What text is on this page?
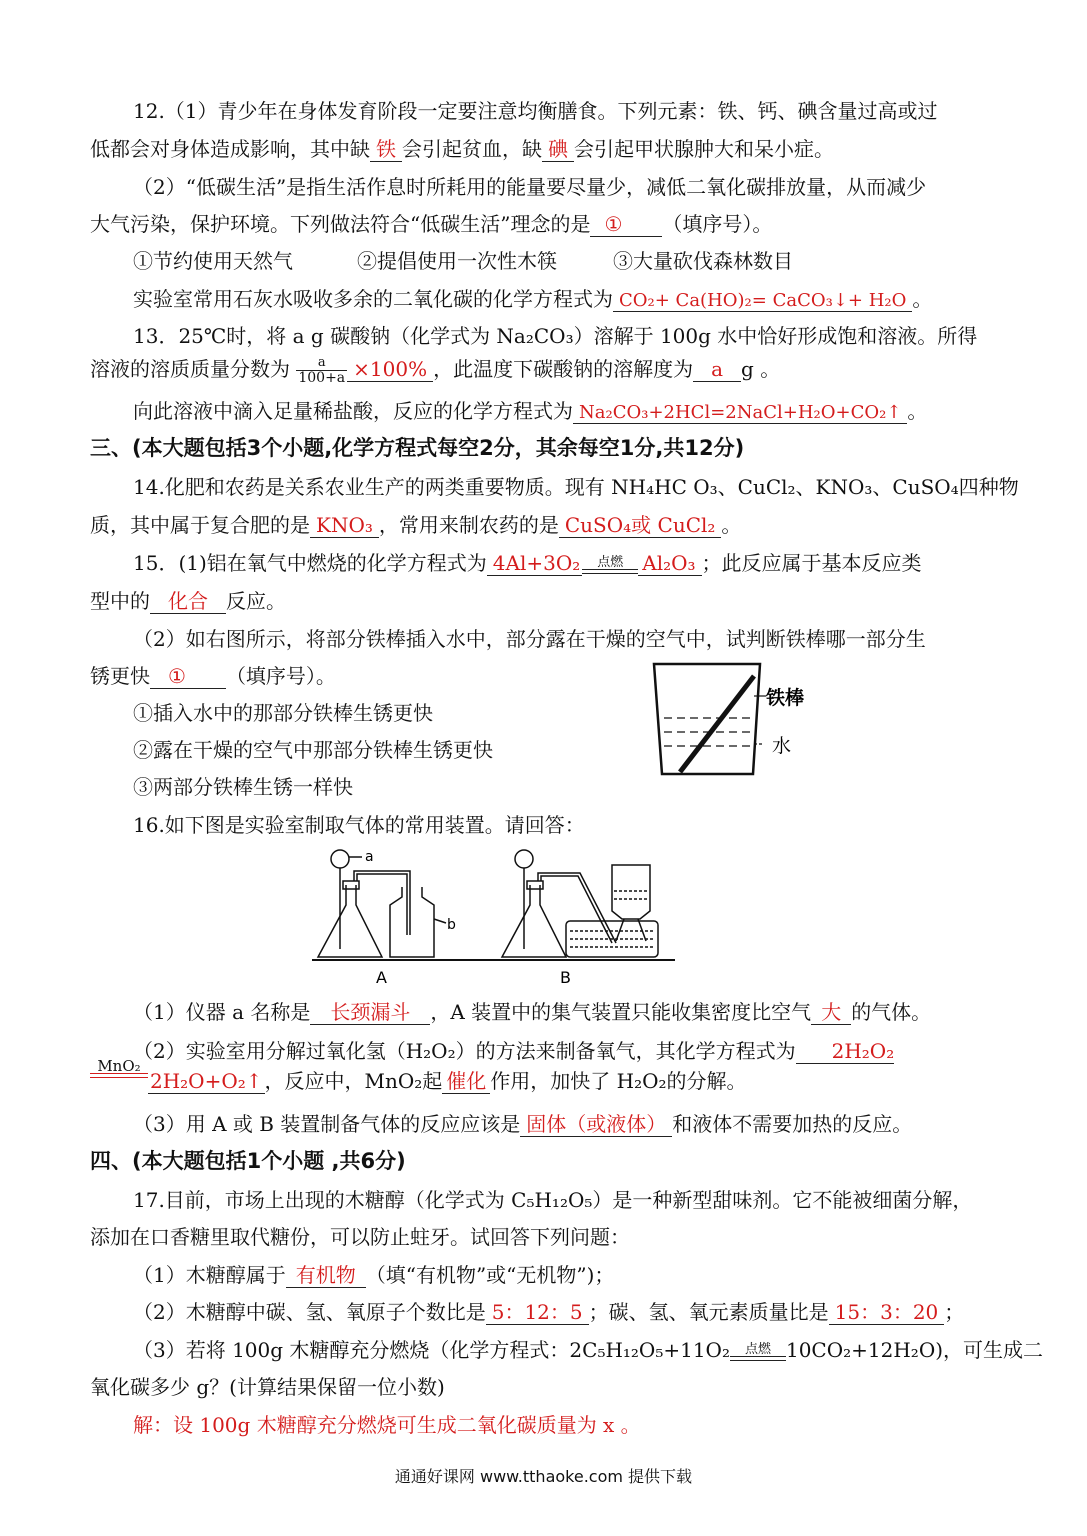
12.（1）青少年在身体发育阶段一定要注意均衡膳食。下列元素：铁、钙、碘含量过高或过
低都会对身体造成影响，其中缺 铁 会引起贫血，缺 碘 会引起甲状腺肿大和呆小症。
（2）“低碳生活”是指生活作息时所耗用的能量要尽量少，减低二氧化碳排放量，从而减少
大气污染，保护环境。下列做法符合“低碳生活”理念的是 ① （填序号）。
①节约使用天然气	②提倡使用一次性木筷	③大量砍伐森林数目
实验室常用石灰水吸收多余的二氧化碳的化学方程式为 CO₂+ Ca(HO)₂= CaCO₃↓+ H₂O 。
13．25℃时，将 a g 碳酸钠（化学式为 Na₂CO₃）溶解于 100g 水中恰好形成饱和溶液。所得
溶液的溶质质量分数为 $\frac{a}{100+a} \times 100\%$ ，此温度下碳酸钠的溶解度为 a g 。
向此溶液中滴入足量稀盐酸，反应的化学方程式为 Na₂CO₃+2HCl=2NaCl+H₂O+CO₂↑ 。
三、(本大题包括3个小题,化学方程式每空2分，其余每空1分,共12分)
14.化肥和农药是关系农业生产的两类重要物质。现有 NH₄HC O₃、CuCl₂、KNO₃、CuSO₄四种物
质，其中属于复合肥的是 KNO₃ ，常用来制农药的是 CuSO₄或 CuCl₂ 。
15．(1)铝在氧气中燃烧的化学方程式为 4Al+3O₂	点燃 Al₂O₃ ；此反应属于基本反应类
型中的 化合 反应。
（2）如右图所示，将部分铁棒插入水中，部分露在干燥的空气中，试判断铁棒哪一部分生
锈更快 ① （填序号）。
①插入水中的那部分铁棒生锈更快
②露在干燥的空气中那部分铁棒生锈更快
③两部分铁棒生锈一样快
铁棒
水
16.如下图是实验室制取气体的常用装置。请回答：
a
b
A	B
（1）仪器 a 名称是 长颈漏斗 ，A 装置中的集气装置只能收集密度比空气 大 的气体。
（2）实验室用分解过氧化氢（H₂O₂）的方法来制备氧气，其化学方程式为 2H₂O₂
MnO₂
2H₂O+O₂↑ ，反应中，MnO₂起 催化 作用，加快了 H₂O₂的分解。
（3）用 A 或 B 装置制备气体的反应应该是 固体（或液体） 和液体不需要加热的反应。
四、(本大题包括1个小题 ,共6分)
17.目前，市场上出现的木糖醇（化学式为 C₅H₁₂O₅）是一种新型甜味剂。它不能被细菌分解，
添加在口香糖里取代糖份，可以防止蛀牙。试回答下列问题：
（1）木糖醇属于 有机物 （填“有机物”或“无机物”)；
（2）木糖醇中碳、氢、氧原子个数比是 5：12：5 ；碳、氢、氧元素质量比是 15：3：20 ；
（3）若将 100g 木糖醇充分燃烧（化学方程式：2C₅H₁₂O₅+11O₂	点燃 10CO₂+12H₂O)，可生成二
氧化碳多少 g？(计算结果保留一位小数)
解：设 100g 木糖醇充分燃烧可生成二氧化碳质量为 x 。
通通好课网 www.tthaoke.com 提供下载
